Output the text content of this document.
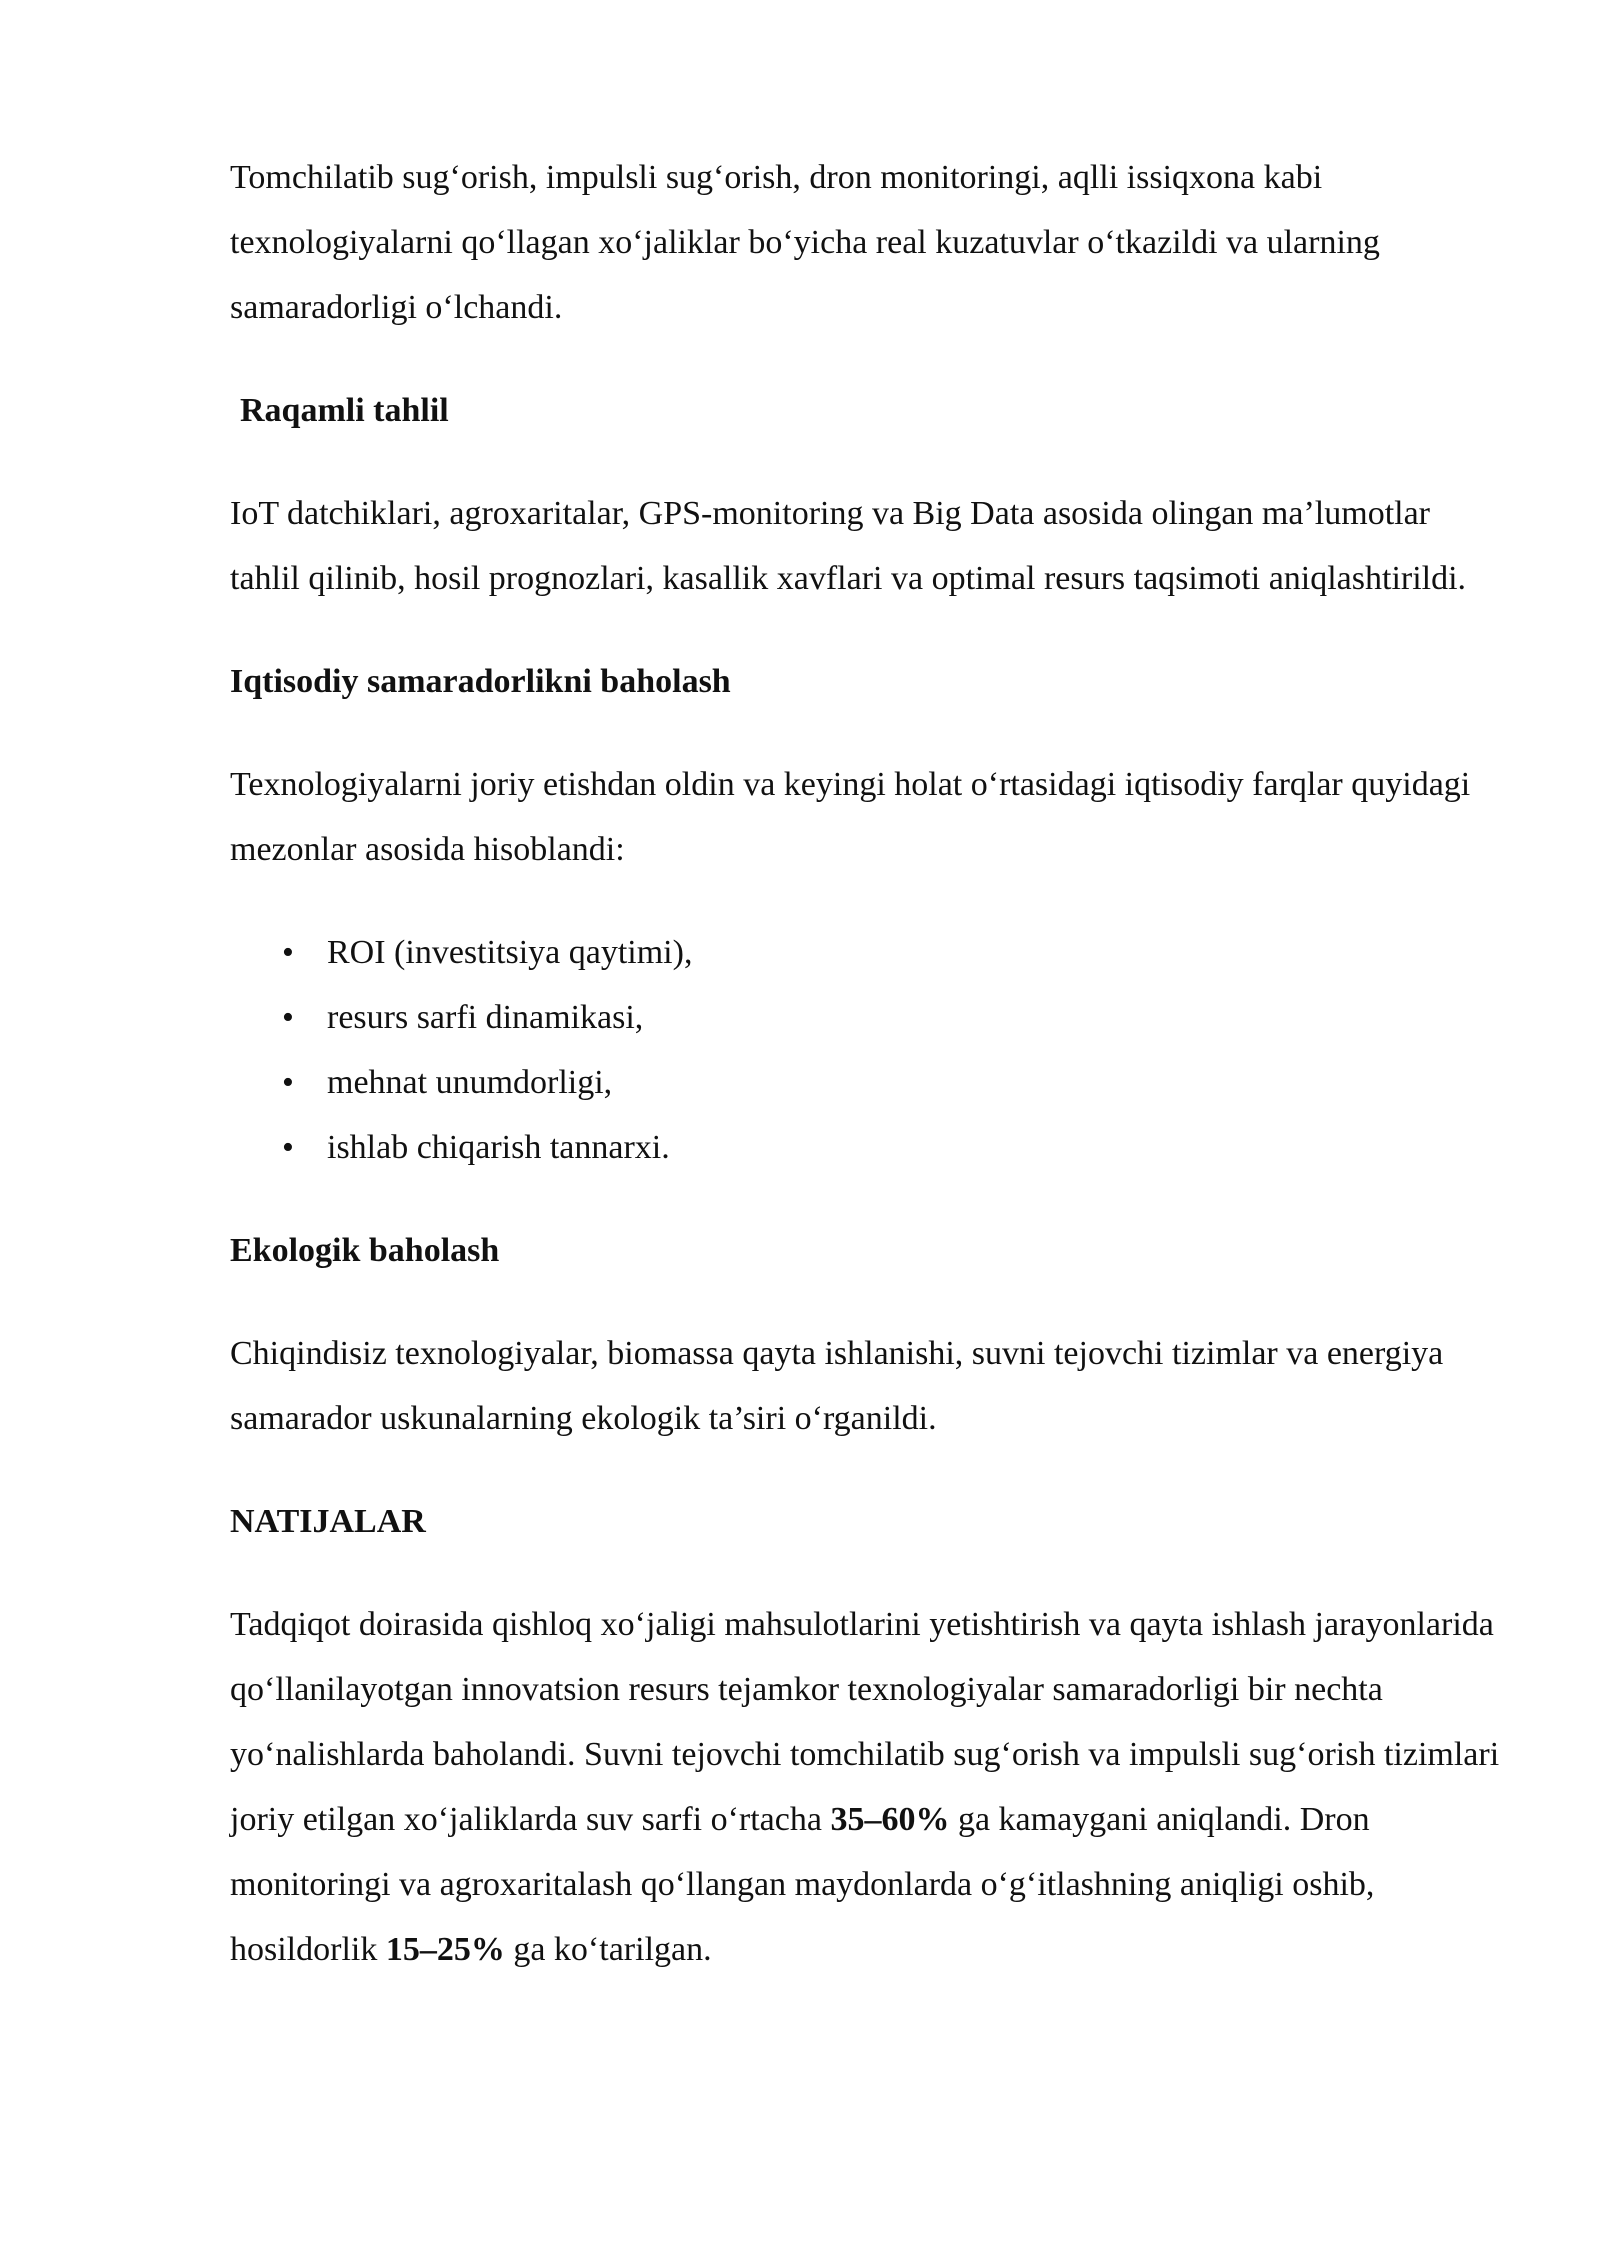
Tomchilatib sug‘orish, impulsli sug‘orish, dron monitoringi, aqlli issiqxona kabi texnologiyalarni qo‘llagan xo‘jaliklar bo‘yicha real kuzatuvlar o‘tkazildi va ularning samaradorligi o‘lchandi.

Raqamli tahlil

IoT datchiklari, agroxaritalar, GPS-monitoring va Big Data asosida olingan ma’lumotlar tahlil qilinib, hosil prognozlari, kasallik xavflari va optimal resurs taqsimoti aniqlashtirildi.

Iqtisodiy samaradorlikni baholash

Texnologiyalarni joriy etishdan oldin va keyingi holat o‘rtasidagi iqtisodiy farqlar quyidagi mezonlar asosida hisoblandi:

• ROI (investitsiya qaytimi),
• resurs sarfi dinamikasi,
• mehnat unumdorligi,
• ishlab chiqarish tannarxi.

Ekologik baholash

Chiqindisiz texnologiyalar, biomassa qayta ishlanishi, suvni tejovchi tizimlar va energiya samarador uskunalarning ekologik ta’siri o‘rganildi.

NATIJALAR

Tadqiqot doirasida qishloq xo‘jaligi mahsulotlarini yetishtirish va qayta ishlash jarayonlarida qo‘llanilayotgan innovatsion resurs tejamkor texnologiyalar samaradorligi bir nechta yo‘nalishlarda baholandi. Suvni tejovchi tomchilatib sug‘orish va impulsli sug‘orish tizimlari joriy etilgan xo‘jaliklarda suv sarfi o‘rtacha 35–60% ga kamaygani aniqlandi. Dron monitoringi va agroxaritalash qo‘llangan maydonlarda o‘g‘itlashning aniqligi oshib, hosildorlik 15–25% ga ko‘tarilgan.
